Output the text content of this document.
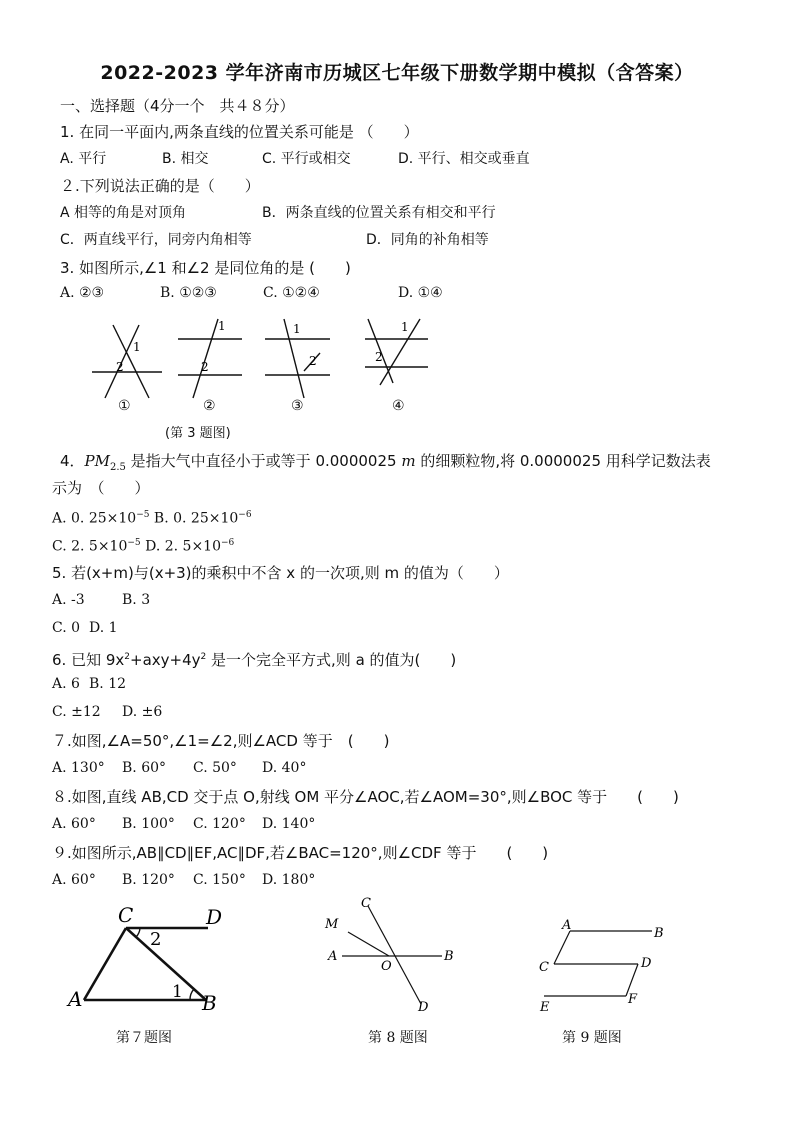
2022-2023 学年济南市历城区七年级下册数学期中模拟（含答案）
一、选择题（4分一个　共４８分）
1. 在同一平面内,两条直线的位置关系可能是 （　　）
A. 平行	B. 相交	C. 平行或相交	D. 平行、相交或垂直
２.下列说法正确的是（　　）
A 相等的角是对顶角	B．两条直线的位置关系有相交和平行
C．两直线平行，同旁内角相等	D．同角的补角相等
3. 如图所示,∠1 和∠2 是同位角的是 (　　)
A. ②③	B. ①②③	C. ①②④	D. ①④
1
2
1
2
1
2
1
2
①	②	③	④
(第 3 题图)
4．$PM_{2.5}$ 是指大气中直径小于或等于 0.0000025 m 的细颗粒物,将 0.0000025 用科学记数法表
示为　（　　）
A. 0. $25\times 10^{-5}$ B. 0. $25\times 10^{-6}$
C. 2. $5\times 10^{-5}$ D. 2. $5\times 10^{-6}$
5. 若(x+m)与(x+3)的乘积中不含 x 的一次项,则 m 的值为（　　）
A. -3	B. 3
C. 0 D. 1
6. 已知 $9x^2+axy+4y^2$ 是一个完全平方式,则 a 的值为(　　)
A. 6 B. 12
C. ±12 D. ±6
７.如图,∠A=50°,∠1=∠2,则∠ACD 等于　(　　)
A. 130° B. 60° C. 50° D. 40°
８.如图,直线 AB,CD 交于点 O,射线 OM 平分∠AOC,若∠AOM=30°,则∠BOC 等于　　(　　)
A. 60° B. 100° C. 120° D. 140°
９.如图所示,AB∥CD∥EF,AC∥DF,若∠BAC=120°,则∠CDF 等于　　(　　)
A. 60° B. 120° C. 150° D. 180°
C	D
A	B
1
2
第７题图
C
M
A
O
B
D
第 8 题图
A
B
C	D
E
F
第 9 题图
